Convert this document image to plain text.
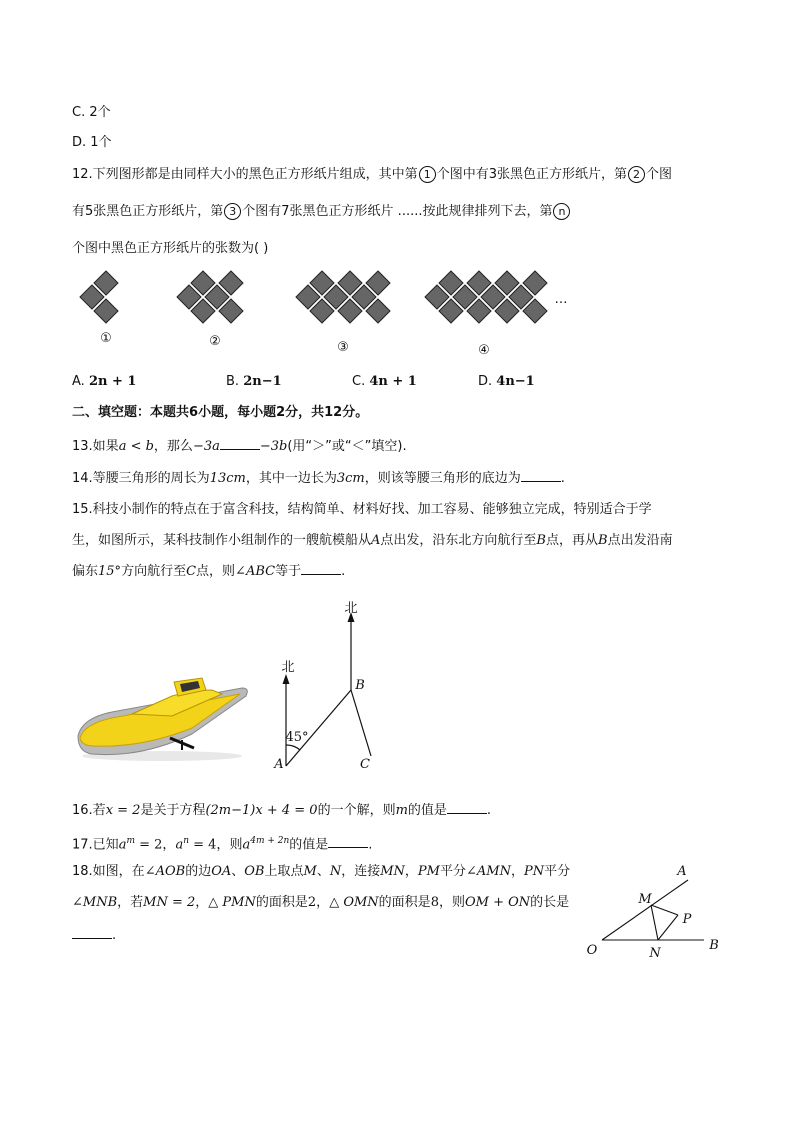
C. 2个
D. 1个
12.下列图形都是由同样大小的黑色正方形纸片组成，其中第 1 个图中有3张黑色正方形纸片，第 2 个图
有5张黑色正方形纸片，第 3 个图有7张黑色正方形纸片 ......按此规律排列下去，第 n
个图中黑色正方形纸片的张数为( )
①	②	③	④
…
A. 2n + 1	B. 2n−1	C. 4n + 1	D. 4n−1
二、填空题：本题共6小题，每小题2分，共12分。
13.如果a < b，那么−3a	−3b(用“＞”或“＜”填空).
14.等腰三角形的周长为13cm，其中一边长为3cm，则该等腰三角形的底边为	.
15.科技小制作的特点在于富含科技，结构简单、材料好找、加工容易、能够独立完成，特别适合于学
生，如图所示，某科技制作小组制作的一艘航模船从A点出发，沿东北方向航行至B点，再从B点出发沿南
偏东15°方向航行至C点，则∠ABC等于	.
北
北
45°
A
B
C
16.若x = 2是关于方程(2m−1)x + 4 = 0的一个解，则m的值是	.
17.已知$a^m = 2$，$a^n = 4$，则$a^{4m + 2n}$的值是	.
18.如图，在∠AOB的边OA、OB上取点M、N，连接MN，PM平分∠AMN，PN平分
∠MNB，若MN = 2，△ PMN的面积是2，△ OMN的面积是8，则OM + ON的长是
.
A
M
P
O	N
B
